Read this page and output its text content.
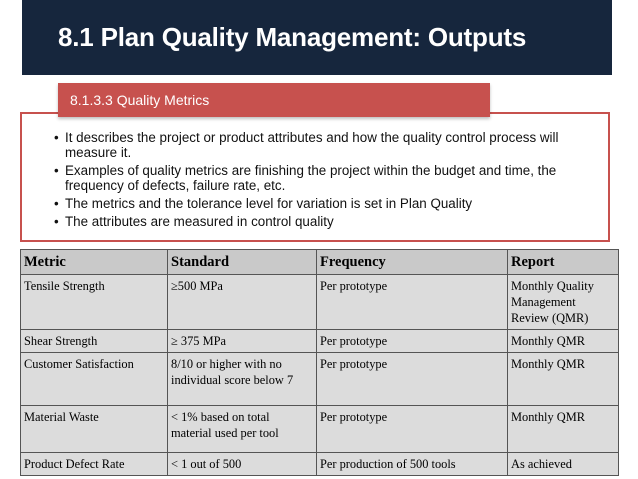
8.1 Plan Quality Management: Outputs
8.1.3.3 Quality Metrics
• It describes the project or product attributes and how the quality control process will measure it.
• Examples of quality metrics are finishing the project within the budget and time, the frequency of defects, failure rate, etc.
• The metrics and the tolerance level for variation is set in Plan Quality
• The attributes are measured in control quality
Metric	Standard	Frequency	Report
Tensile Strength	≥500 MPa	Per prototype	Monthly Quality Management Review (QMR)
Shear Strength	≥ 375 MPa	Per prototype	Monthly QMR
Customer Satisfaction	8/10 or higher with no individual score below 7	Per prototype	Monthly QMR
Material Waste	< 1% based on total material used per tool	Per prototype	Monthly QMR
Product Defect Rate	< 1 out of 500	Per production of 500 tools	As achieved
